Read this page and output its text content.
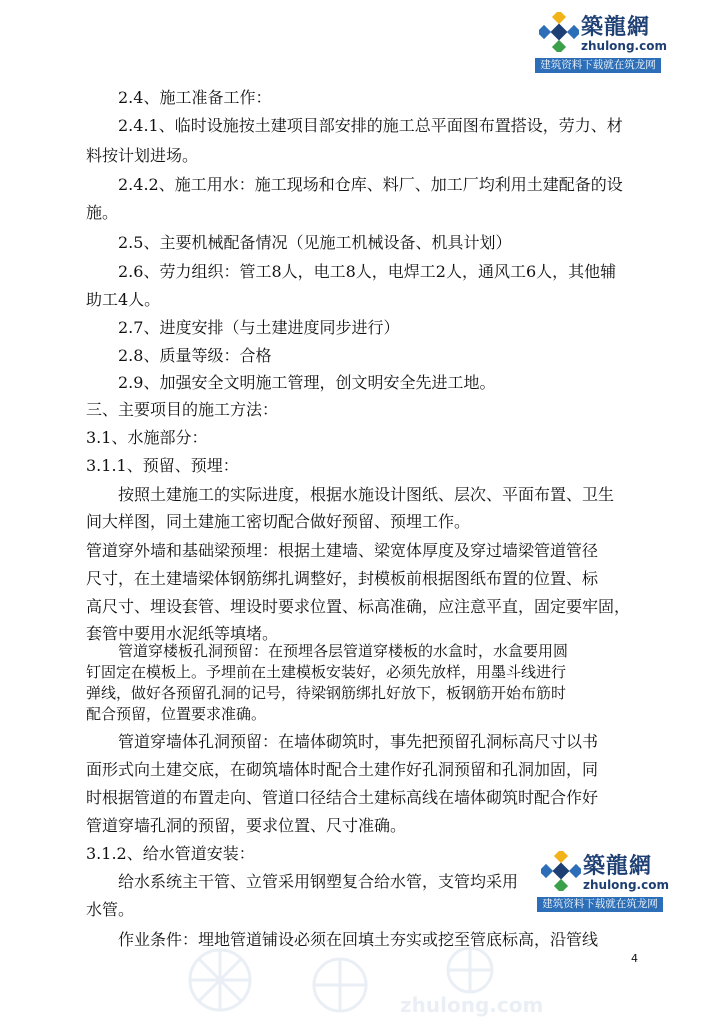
築龍網
zhulong.com
建筑资料下载就在筑龙网
2.4、施工准备工作：
2.4.1、临时设施按土建项目部安排的施工总平面图布置搭设，劳力、材
料按计划进场。
2.4.2、施工用水：施工现场和仓库、料厂、加工厂均利用土建配备的设
施。
2.5、主要机械配备情况（见施工机械设备、机具计划）
2.6、劳力组织：管工8人，电工8人，电焊工2人，通风工6人，其他辅
助工4人。
2.7、进度安排（与土建进度同步进行）
2.8、质量等级：合格
2.9、加强安全文明施工管理，创文明安全先进工地。
三、主要项目的施工方法：
3.1、水施部分：
3.1.1、预留、预埋：
按照土建施工的实际进度，根据水施设计图纸、层次、平面布置、卫生
间大样图，同土建施工密切配合做好预留、预埋工作。
管道穿外墙和基础梁预埋：根据土建墙、梁宽体厚度及穿过墙梁管道管径
尺寸，在土建墙梁体钢筋绑扎调整好，封模板前根据图纸布置的位置、标
高尺寸、埋设套管、埋设时要求位置、标高准确，应注意平直，固定要牢固，
套管中要用水泥纸等填堵。
管道穿楼板孔洞预留：在预埋各层管道穿楼板的水盒时，水盒要用圆
钉固定在模板上。予埋前在土建模板安装好，必须先放样，用墨斗线进行
弹线，做好各预留孔洞的记号，待梁钢筋绑扎好放下，板钢筋开始布筋时
配合预留，位置要求准确。
管道穿墙体孔洞预留：在墙体砌筑时，事先把预留孔洞标高尺寸以书
面形式向土建交底，在砌筑墙体时配合土建作好孔洞预留和孔洞加固，同
时根据管道的布置走向、管道口径结合土建标高线在墙体砌筑时配合作好
管道穿墙孔洞的预留，要求位置、尺寸准确。
3.1.2、给水管道安装：
给水系统主干管、立管采用钢塑复合给水管，支管均采用
水管。
作业条件：埋地管道铺设必须在回填土夯实或挖至管底标高，沿管线
築龍網
zhulong.com
建筑资料下载就在筑龙网
zhulong.com
4
